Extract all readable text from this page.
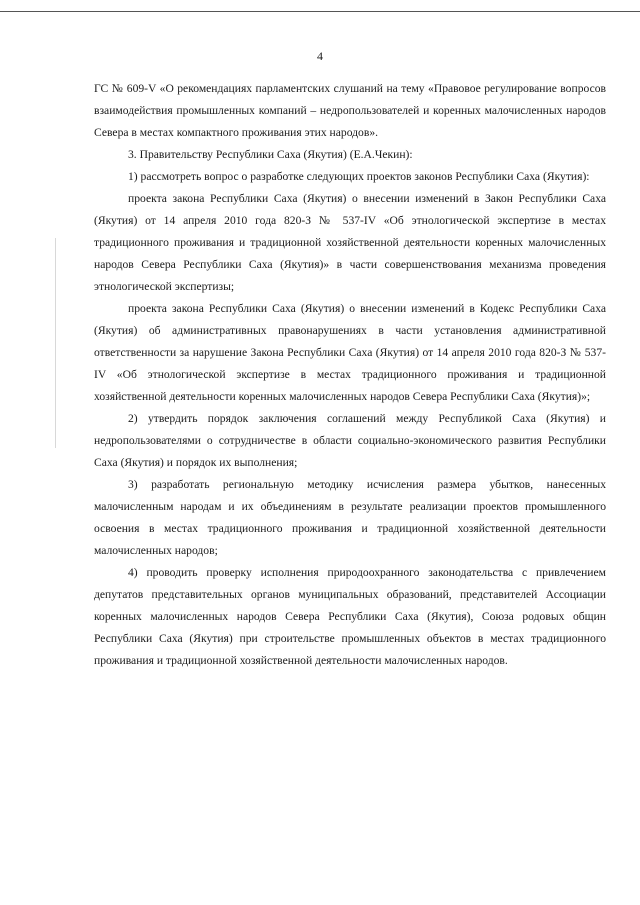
4

ГС № 609-V «О рекомендациях парламентских слушаний на тему «Правовое регулирование вопросов взаимодействия промышленных компаний – недропользователей и коренных малочисленных народов Севера в местах компактного проживания этих народов».

3. Правительству Республики Саха (Якутия) (Е.А.Чекин):

1) рассмотреть вопрос о разработке следующих проектов законов Республики Саха (Якутия):

проекта закона Республики Саха (Якутия) о внесении изменений в Закон Республики Саха (Якутия) от 14 апреля 2010 года 820-З № 537-IV «Об этнологической экспертизе в местах традиционного проживания и традиционной хозяйственной деятельности коренных малочисленных народов Севера Республики Саха (Якутия)» в части совершенствования механизма проведения этнологической экспертизы;

проекта закона Республики Саха (Якутия) о внесении изменений в Кодекс Республики Саха (Якутия) об административных правонарушениях в части установления административной ответственности за нарушение Закона Республики Саха (Якутия) от 14 апреля 2010 года 820-З № 537-IV «Об этнологической экспертизе в местах традиционного проживания и традиционной хозяйственной деятельности коренных малочисленных народов Севера Республики Саха (Якутия)»;

2) утвердить порядок заключения соглашений между Республикой Саха (Якутия) и недропользователями о сотрудничестве в области социально-экономического развития Республики Саха (Якутия) и порядок их выполнения;

3) разработать региональную методику исчисления размера убытков, нанесенных малочисленным народам и их объединениям в результате реализации проектов промышленного освоения в местах традиционного проживания и традиционной хозяйственной деятельности малочисленных народов;

4) проводить проверку исполнения природоохранного законодательства с привлечением депутатов представительных органов муниципальных образований, представителей Ассоциации коренных малочисленных народов Севера Республики Саха (Якутия), Союза родовых общин Республики Саха (Якутия) при строительстве промышленных объектов в местах традиционного проживания и традиционной хозяйственной деятельности малочисленных народов.
